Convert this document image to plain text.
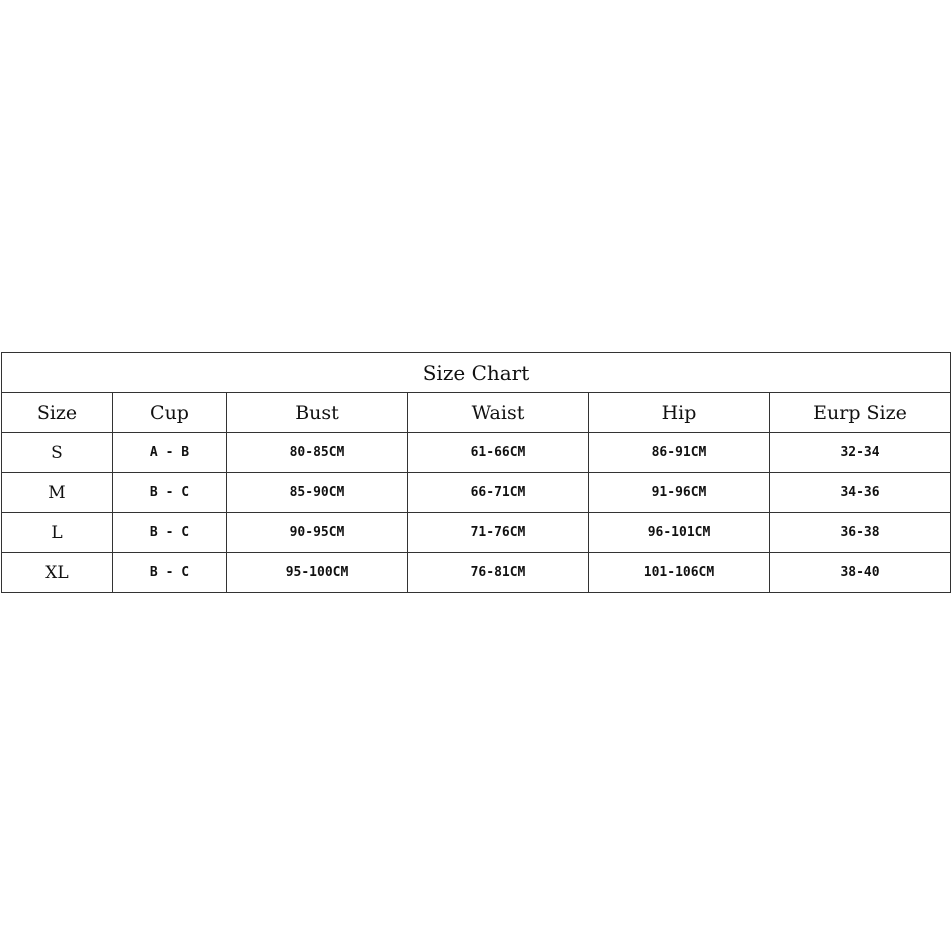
Size Chart					
Size	Cup	Bust	Waist	Hip	Eurp Size
S	A - B	80-85CM	61-66CM	86-91CM	32-34
M	B - C	85-90CM	66-71CM	91-96CM	34-36
L	B - C	90-95CM	71-76CM	96-101CM	36-38
XL	B - C	95-100CM	76-81CM	101-106CM	38-40
